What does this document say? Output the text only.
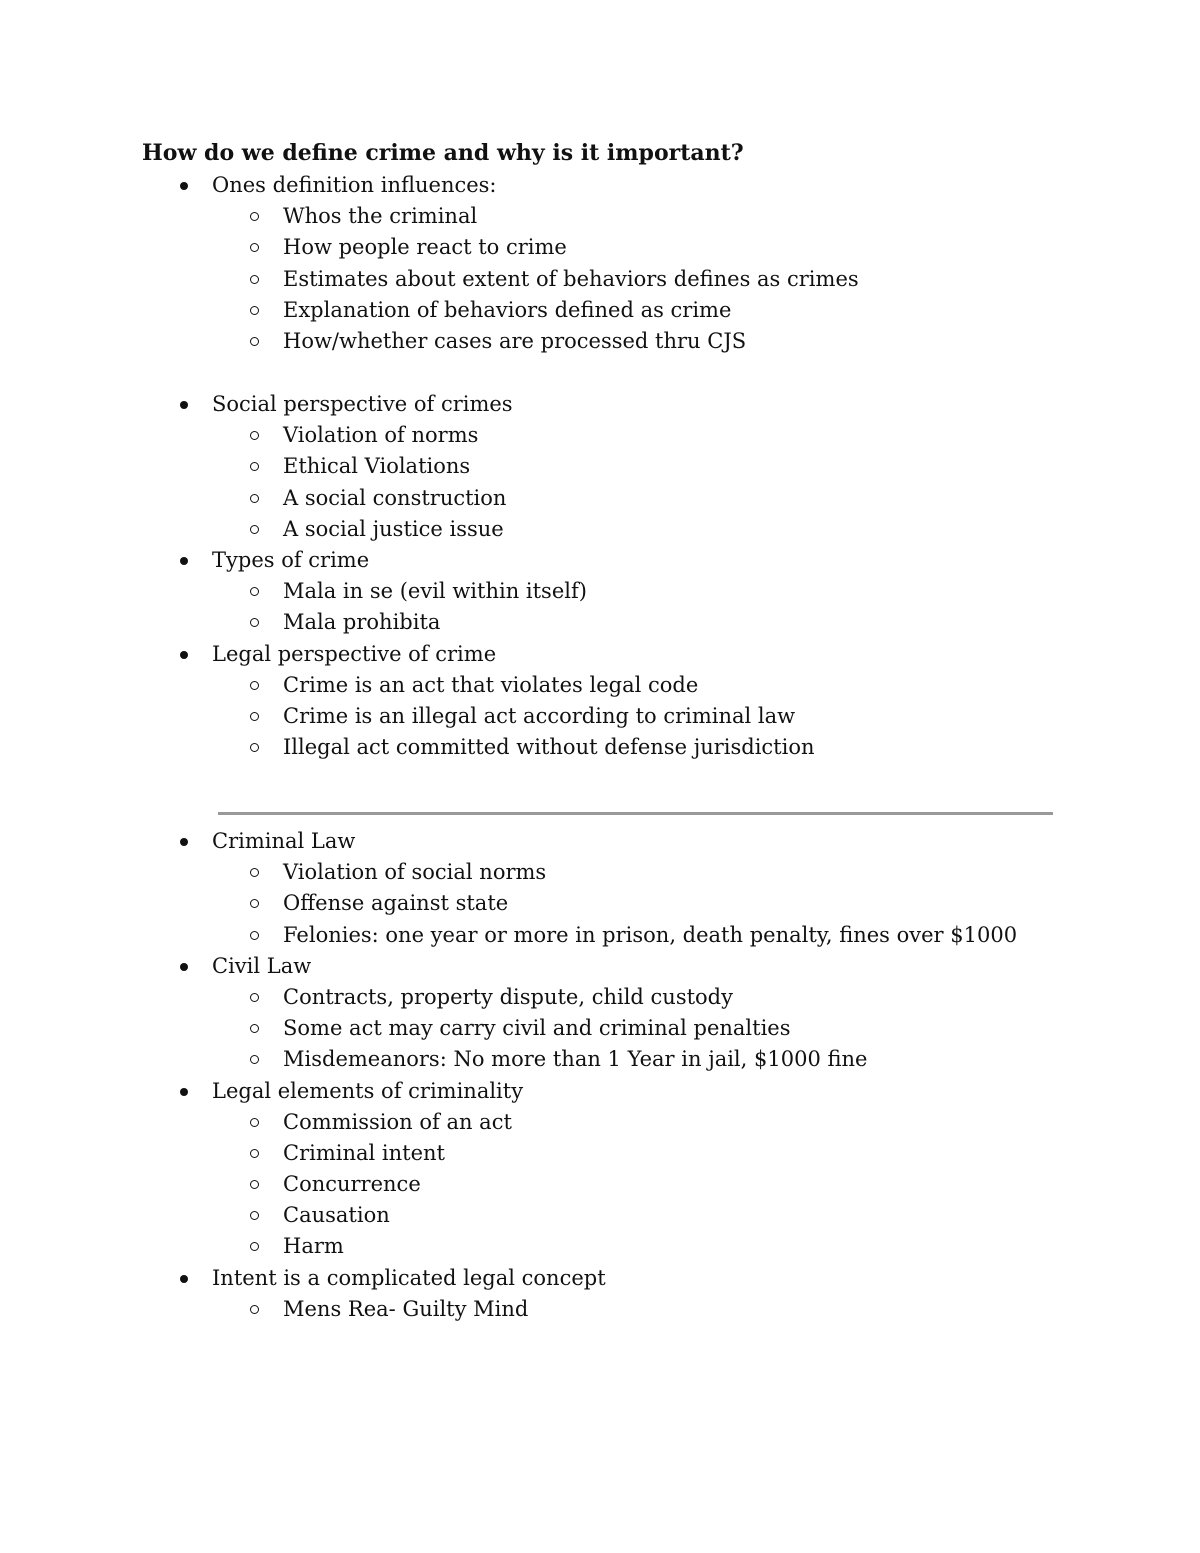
How do we define crime and why is it important?
Ones definition influences:
Whos the criminal
How people react to crime
Estimates about extent of behaviors defines as crimes
Explanation of behaviors defined as crime
How/whether cases are processed thru CJS
Social perspective of crimes
Violation of norms
Ethical Violations
A social construction
A social justice issue
Types of crime
Mala in se (evil within itself)
Mala prohibita
Legal perspective of crime
Crime is an act that violates legal code
Crime is an illegal act according to criminal law
Illegal act committed without defense jurisdiction
Criminal Law
Violation of social norms
Offense against state
Felonies: one year or more in prison, death penalty, fines over $1000
Civil Law
Contracts, property dispute, child custody
Some act may carry civil and criminal penalties
Misdemeanors: No more than 1 Year in jail, $1000 fine
Legal elements of criminality
Commission of an act
Criminal intent
Concurrence
Causation
Harm
Intent is a complicated legal concept
Mens Rea- Guilty Mind
